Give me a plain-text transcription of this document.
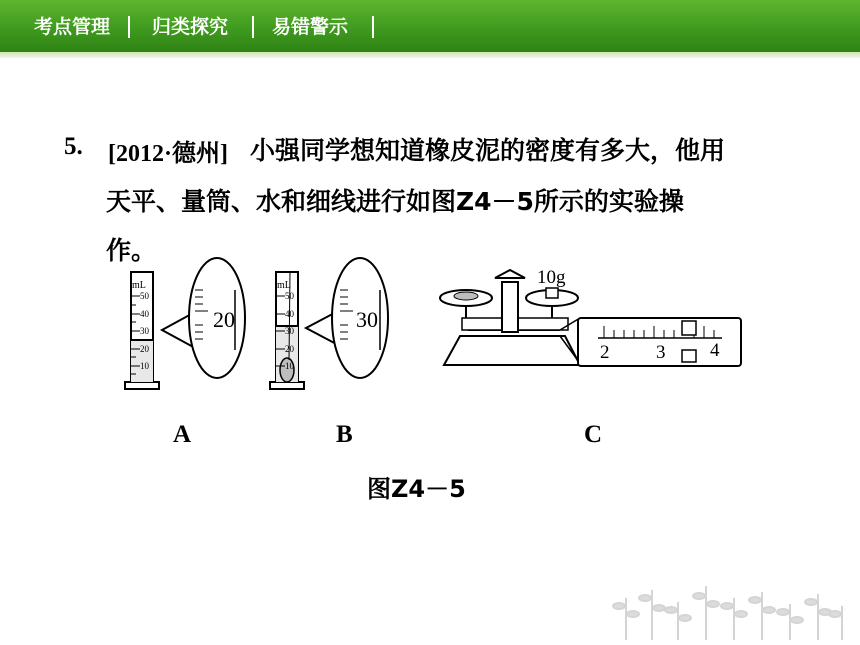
考点管理 归类探究 易错警示
5. [2012·德州] 小强同学想知道橡皮泥的密度有多大，他用
天平、量筒、水和细线进行如图Z4－5所示的实验操
作。
mL
50
40
30
20
10
20
mL
50
40
30
20
10
30
10g
2 3 4
A	B	C
图Z4－5
